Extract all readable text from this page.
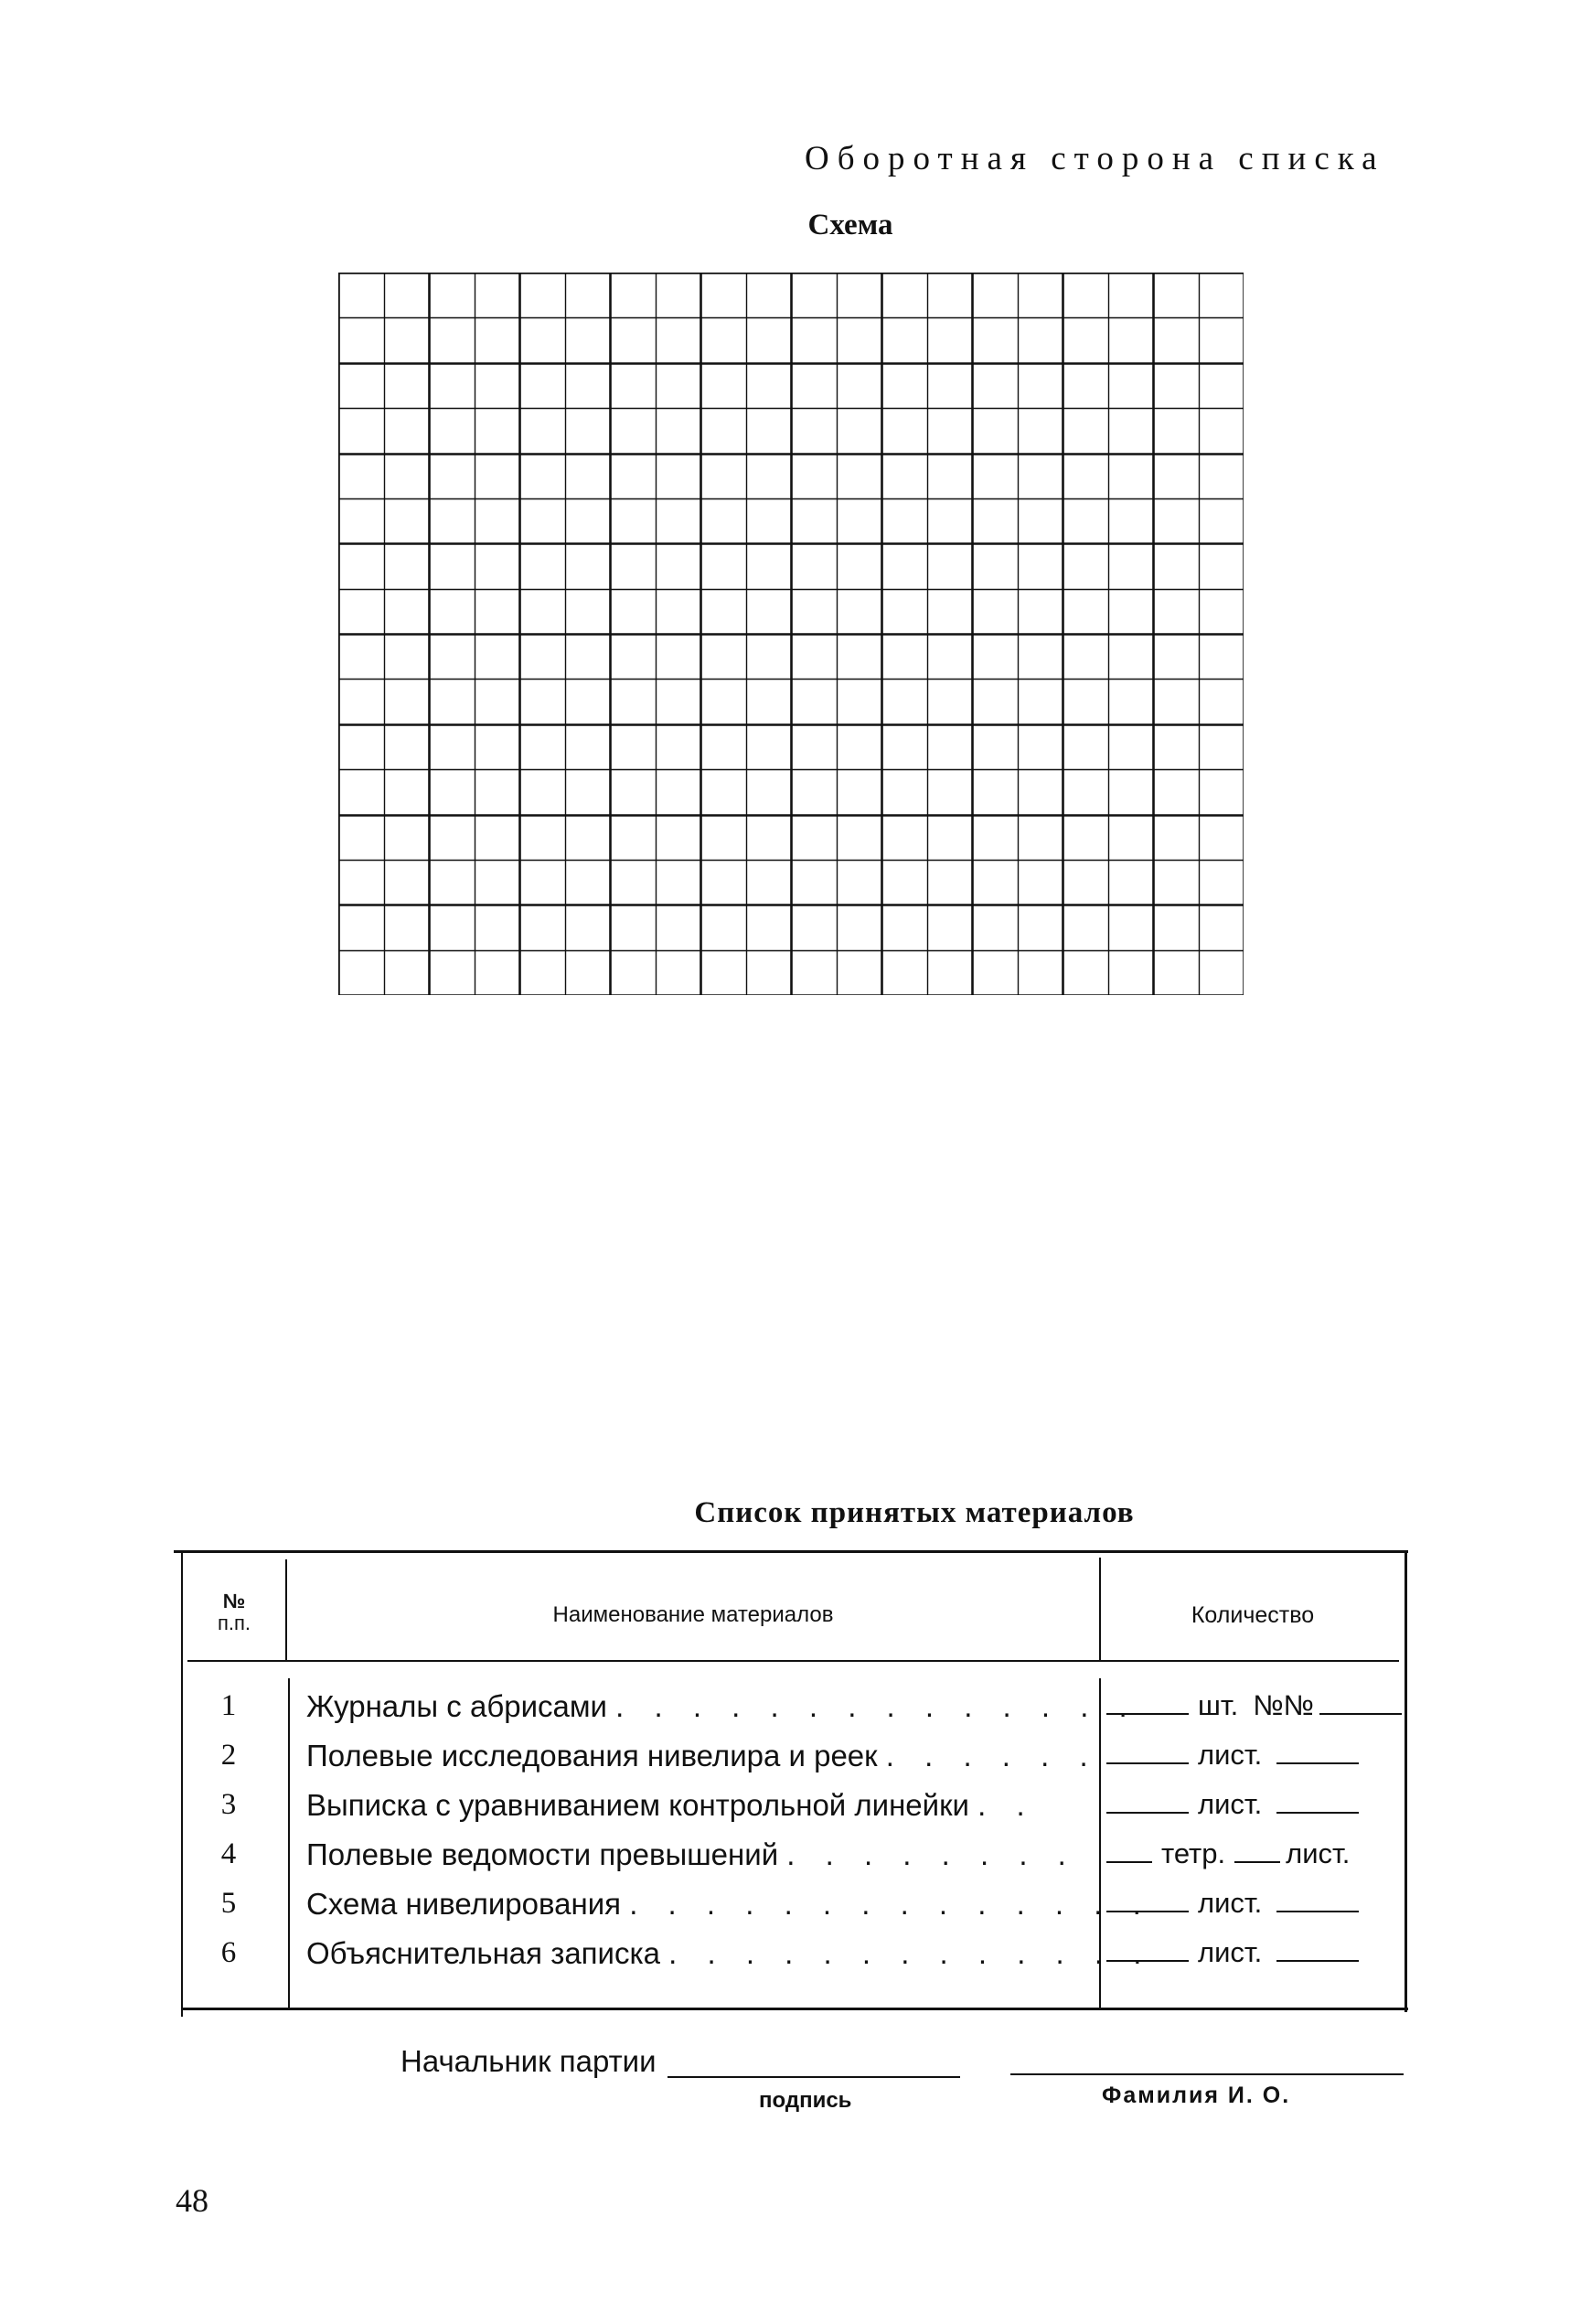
Оборотная сторона списка
Схема
Список принятых материалов
№
п.п.	Наименование материалов	Количество
1	Журналы с абрисами . . . . . . . . . . . . . .	шт. №№
2	Полевые исследования нивелира и реек . . . . . .	лист.
3	Выписка с уравниванием контрольной линейки . .	лист.
4	Полевые ведомости превышений . . . . . . . .	тетр. лист.
5	Схема нивелирования . . . . . . . . . . . . . .	лист.
6	Объяснительная записка . . . . . . . . . . . . .	лист.
Начальник партии
подпись	Фамилия И. О.
48
